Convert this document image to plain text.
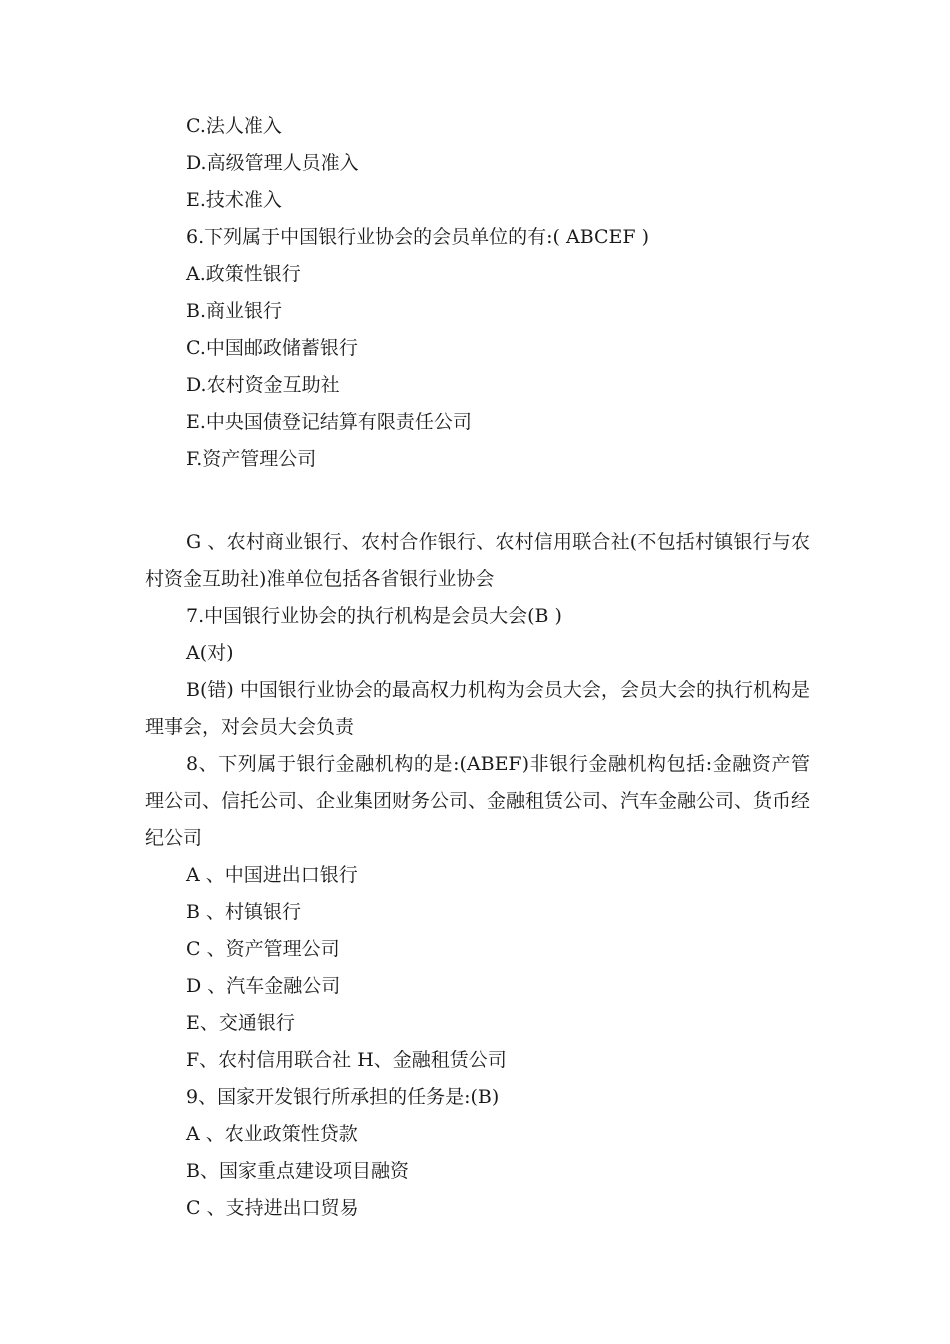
C.法人准入

D.高级管理人员准入

E.技术准入

6.下列属于中国银行业协会的会员单位的有:( ABCEF )

A.政策性银行

B.商业银行

C.中国邮政储蓄银行

D.农村资金互助社

E.中央国债登记结算有限责任公司

F.资产管理公司

G 、农村商业银行、农村合作银行、农村信用联合社(不包括村镇银行与农村资金互助社)准单位包括各省银行业协会

7.中国银行业协会的执行机构是会员大会(B )

A(对)

B(错) 中国银行业协会的最高权力机构为会员大会，会员大会的执行机构是理事会，对会员大会负责

8、下列属于银行金融机构的是:(ABEF)非银行金融机构包括:金融资产管理公司、信托公司、企业集团财务公司、金融租赁公司、汽车金融公司、货币经纪公司

A 、中国进出口银行

B 、村镇银行

C 、资产管理公司

D 、汽车金融公司

E、交通银行

F、农村信用联合社 H、金融租赁公司

9、国家开发银行所承担的任务是:(B)

A 、农业政策性贷款

B、国家重点建设项目融资

C 、支持进出口贸易
